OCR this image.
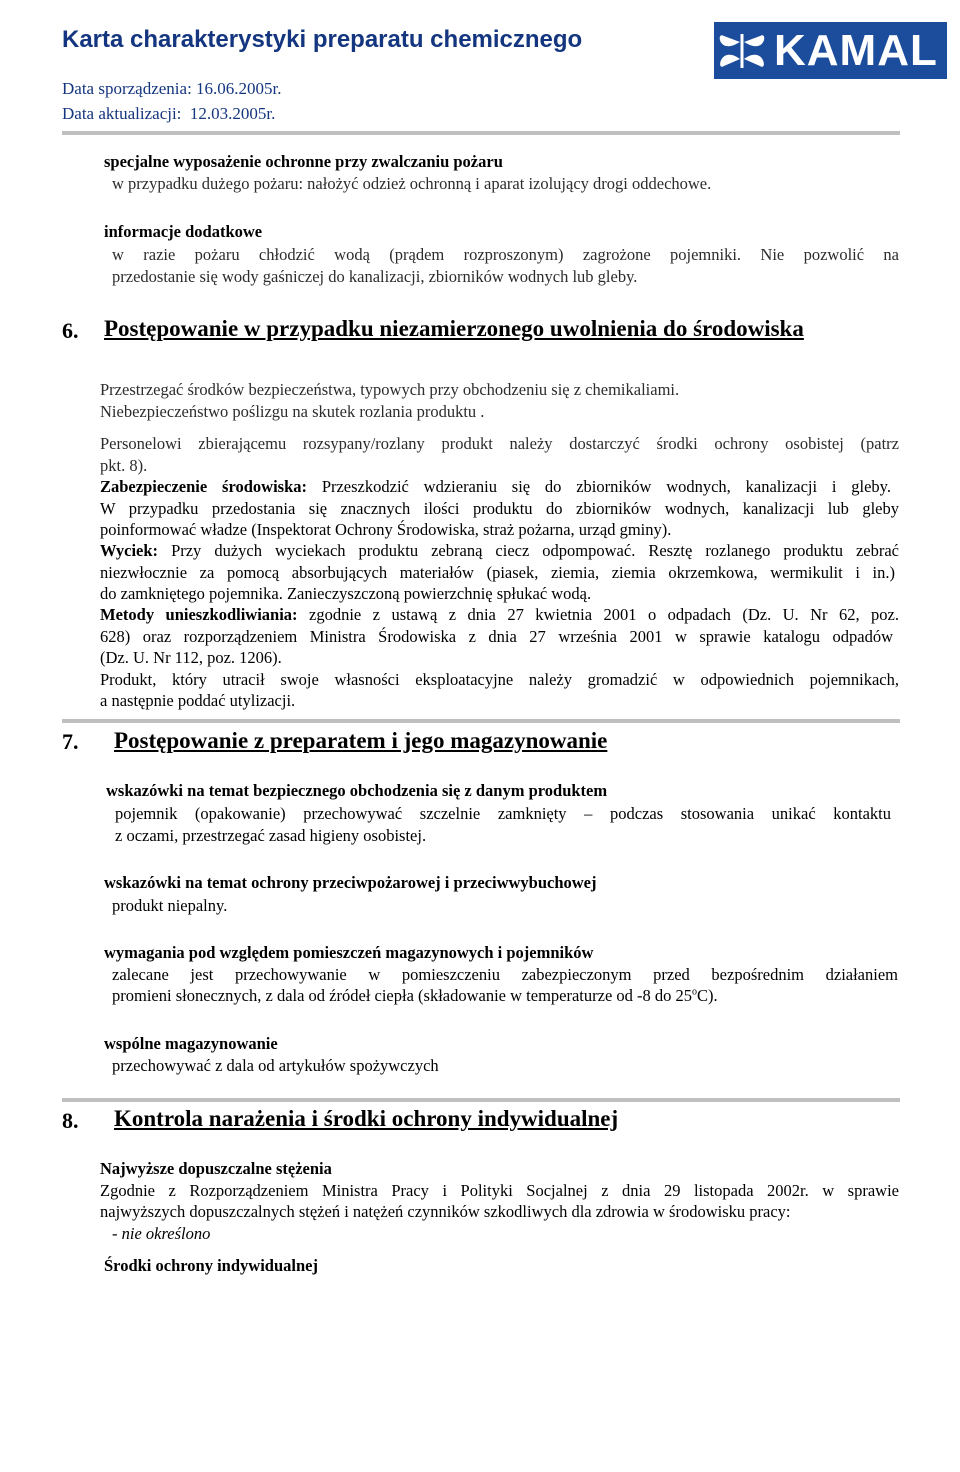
Karta charakterystyki preparatu chemicznego
Data sporządzenia: 16.06.2005r.
Data aktualizacji: 12.03.2005r.
KAMAL
specjalne wyposażenie ochronne przy zwalczaniu pożaru
w przypadku dużego pożaru: nałożyć odzież ochronną i aparat izolujący drogi oddechowe.
informacje dodatkowe
w razie pożaru chłodzić wodą (prądem rozproszonym) zagrożone pojemniki. Nie pozwolić na
przedostanie się wody gaśniczej do kanalizacji, zbiorników wodnych lub gleby.
6. Postępowanie w przypadku niezamierzonego uwolnienia do środowiska
Przestrzegać środków bezpieczeństwa, typowych przy obchodzeniu się z chemikaliami.
Niebezpieczeństwo poślizgu na skutek rozlania produktu .
Personelowi zbierającemu rozsypany/rozlany produkt należy dostarczyć środki ochrony osobistej (patrz
pkt. 8).
Zabezpieczenie środowiska: Przeszkodzić wdzieraniu się do zbiorników wodnych, kanalizacji i gleby.
W przypadku przedostania się znacznych ilości produktu do zbiorników wodnych, kanalizacji lub gleby
poinformować władze (Inspektorat Ochrony Środowiska, straż pożarna, urząd gminy).
Wyciek: Przy dużych wyciekach produktu zebraną ciecz odpompować. Resztę rozlanego produktu zebrać
niezwłocznie za pomocą absorbujących materiałów (piasek, ziemia, ziemia okrzemkowa, wermikulit i in.)
do zamkniętego pojemnika. Zanieczyszczoną powierzchnię spłukać wodą.
Metody unieszkodliwiania: zgodnie z ustawą z dnia 27 kwietnia 2001 o odpadach (Dz. U. Nr 62, poz.
628) oraz rozporządzeniem Ministra Środowiska z dnia 27 września 2001 w sprawie katalogu odpadów
(Dz. U. Nr 112, poz. 1206).
Produkt, który utracił swoje własności eksploatacyjne należy gromadzić w odpowiednich pojemnikach,
a następnie poddać utylizacji.
7. Postępowanie z preparatem i jego magazynowanie
wskazówki na temat bezpiecznego obchodzenia się z danym produktem
pojemnik (opakowanie) przechowywać szczelnie zamknięty – podczas stosowania unikać kontaktu
z oczami, przestrzegać zasad higieny osobistej.
wskazówki na temat ochrony przeciwpożarowej i przeciwwybuchowej
produkt niepalny.
wymagania pod względem pomieszczeń magazynowych i pojemników
zalecane jest przechowywanie w pomieszczeniu zabezpieczonym przed bezpośrednim działaniem
promieni słonecznych, z dala od źródeł ciepła (składowanie w temperaturze od -8 do 25$^o$C).
wspólne magazynowanie
przechowywać z dala od artykułów spożywczych
8. Kontrola narażenia i środki ochrony indywidualnej
Najwyższe dopuszczalne stężenia
Zgodnie z Rozporządzeniem Ministra Pracy i Polityki Socjalnej z dnia 29 listopada 2002r. w sprawie
najwyższych dopuszczalnych stężeń i natężeń czynników szkodliwych dla zdrowia w środowisku pracy:
- nie określono
Środki ochrony indywidualnej
